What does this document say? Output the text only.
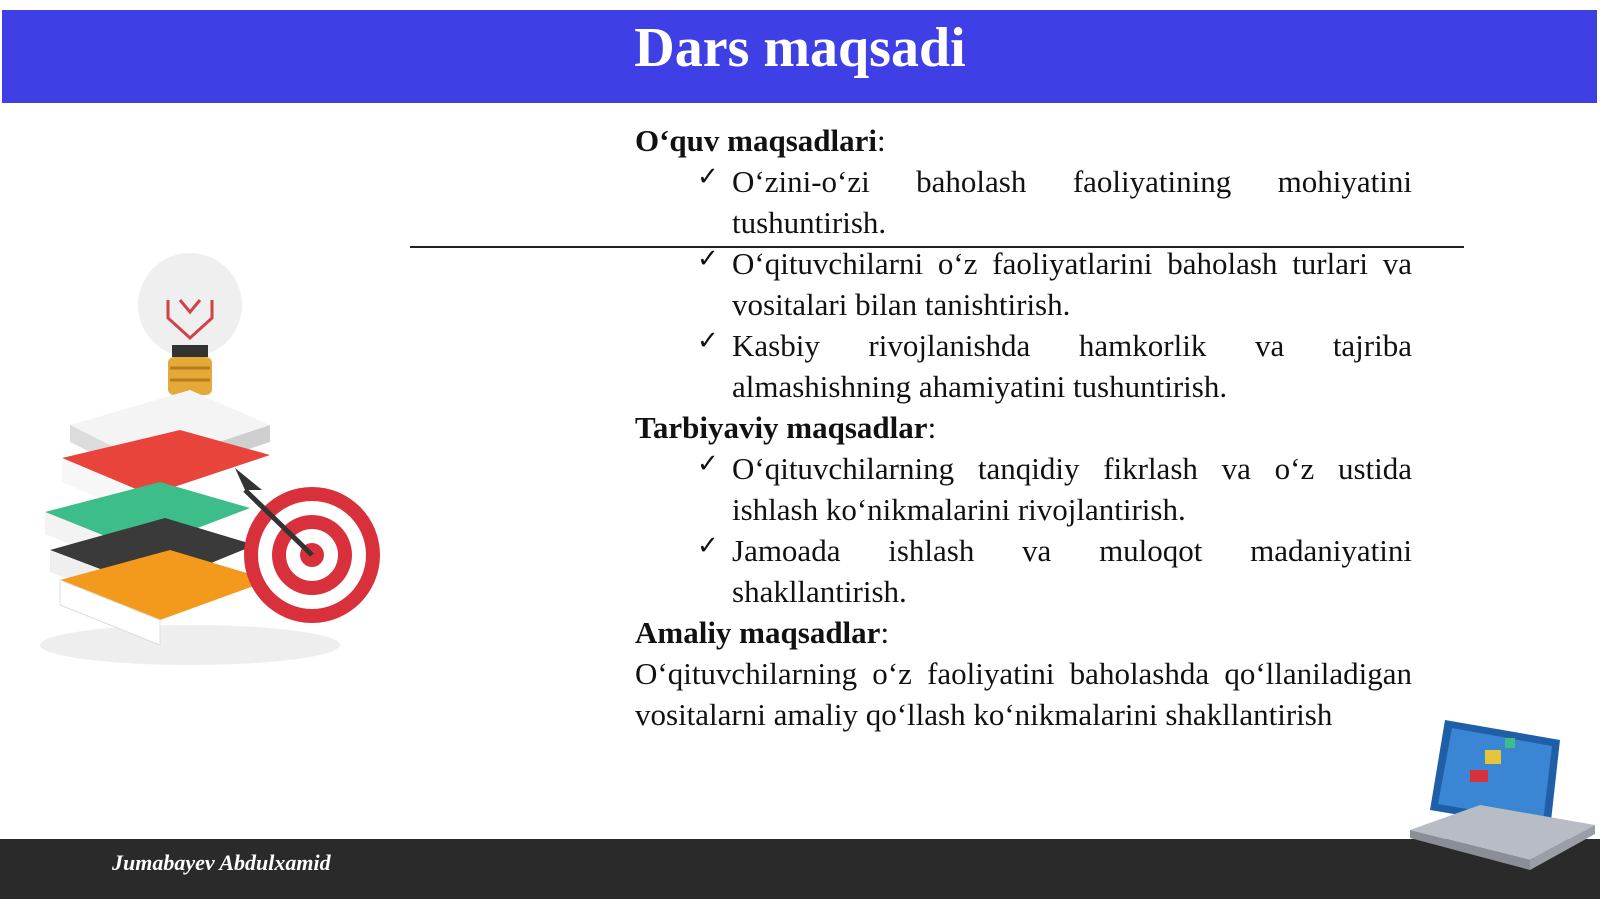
Dars maqsadi
O‘quv maqsadlari:
✓ O‘zini-o‘zi baholash faoliyatining mohiyatini tushuntirish.
✓ O‘qituvchilarni o‘z faoliyatlarini baholash turlari va vositalari bilan tanishtirish.
✓ Kasbiy rivojlanishda hamkorlik va tajriba almashishning ahamiyatini tushuntirish.
Tarbiyaviy maqsadlar:
✓ O‘qituvchilarning tanqidiy fikrlash va o‘z ustida ishlash ko‘nikmalarini rivojlantirish.
✓ Jamoada ishlash va muloqot madaniyatini shakllantirish.
Amaliy maqsadlar:
O‘qituvchilarning o‘z faoliyatini baholashda qo‘llaniladigan vositalarni amaliy qo‘llash ko‘nikmalarini shakllantirish
Jumabayev Abdulxamid
